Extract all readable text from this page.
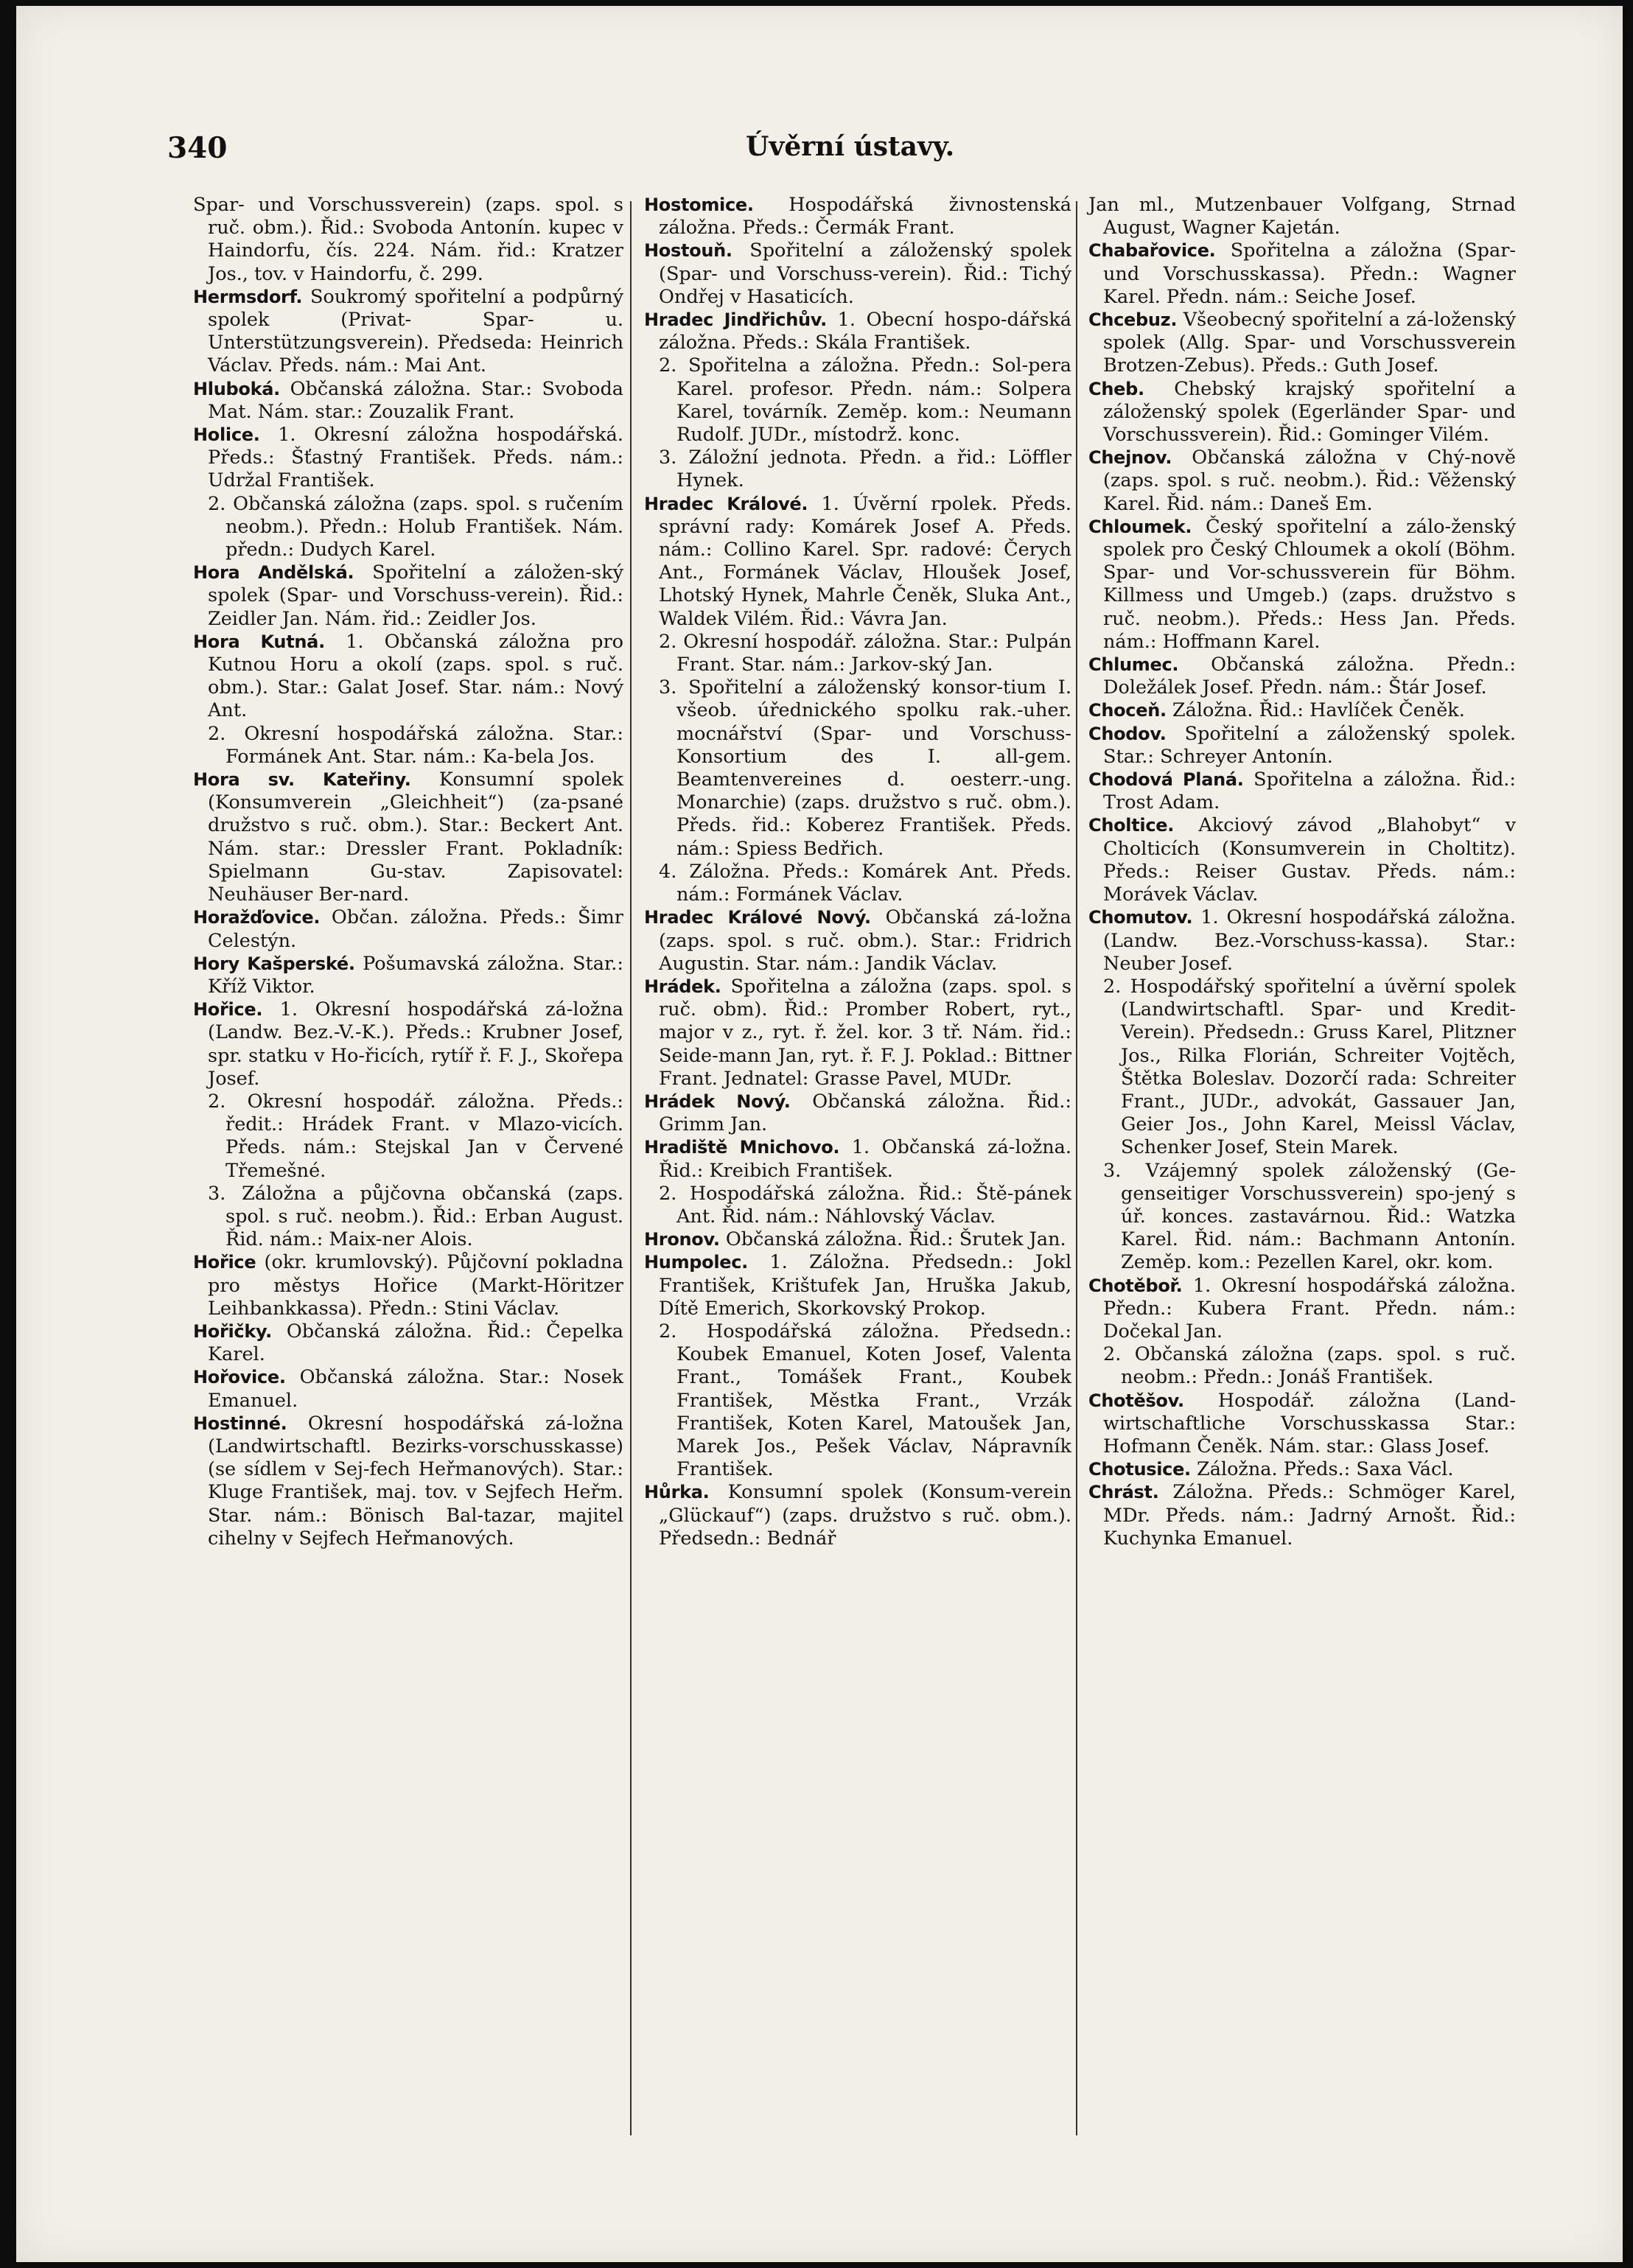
340	Úvěrní ústavy.

Spar- und Vorschussverein) (zaps. spol. s ruč. obm.). Řid.: Svoboda Antonín. kupec v Haindorfu, čís. 224. Nám. řid.: Kratzer Jos., tov. v Haindorfu, č. 299.

Hermsdorf. Soukromý spořitelní a podpůrný spolek (Privat- Spar- u. Unterstützungsverein). Předseda: Heinrich Václav. Předs. nám.: Mai Ant.

Hluboká. Občanská záložna. Star.: Svoboda Mat. Nám. star.: Zouzalik Frant.

Holice. 1. Okresní záložna hospodářská. Předs.: Šťastný František. Předs. nám.: Udržal František.

2. Občanská záložna (zaps. spol. s ručením neobm.). Předn.: Holub František. Nám. předn.: Dudych Karel.

Hora Andělská. Spořitelní a záložen-ský spolek (Spar- und Vorschuss-verein). Řid.: Zeidler Jan. Nám. řid.: Zeidler Jos.

Hora Kutná. 1. Občanská záložna pro Kutnou Horu a okolí (zaps. spol. s ruč. obm.). Star.: Galat Josef. Star. nám.: Nový Ant.

2. Okresní hospodářská záložna. Star.: Formánek Ant. Star. nám.: Ka-bela Jos.

Hora sv. Kateřiny. Konsumní spolek (Konsumverein „Gleichheit“) (za-psané družstvo s ruč. obm.). Star.: Beckert Ant. Nám. star.: Dressler Frant. Pokladník: Spielmann Gu-stav. Zapisovatel: Neuhäuser Ber-nard.

Horažďovice. Občan. záložna. Předs.: Šimr Celestýn.

Hory Kašperské. Pošumavská záložna. Star.: Kříž Viktor.

Hořice. 1. Okresní hospodářská zá-ložna (Landw. Bez.-V.-K.). Předs.: Krubner Josef, spr. statku v Ho-řicích, rytíř ř. F. J., Skořepa Josef.

2. Okresní hospodář. záložna. Předs.: ředit.: Hrádek Frant. v Mlazo-vicích. Předs. nám.: Stejskal Jan v Červené Třemešné.

3. Záložna a půjčovna občanská (zaps. spol. s ruč. neobm.). Řid.: Erban August. Řid. nám.: Maix-ner Alois.

Hořice (okr. krumlovský). Půjčovní pokladna pro městys Hořice (Markt-Höritzer Leihbankkassa). Předn.: Stini Václav.

Hořičky. Občanská záložna. Řid.: Čepelka Karel.

Hořovice. Občanská záložna. Star.: Nosek Emanuel.

Hostinné. Okresní hospodářská zá-ložna (Landwirtschaftl. Bezirks-vorschusskasse) (se sídlem v Sej-fech Heřmanových). Star.: Kluge František, maj. tov. v Sejfech Heřm. Star. nám.: Bönisch Bal-tazar, majitel cihelny v Sejfech Heřmanových.

Hostomice. Hospodářská živnostenská záložna. Předs.: Čermák Frant.

Hostouň. Spořitelní a záloženský spolek (Spar- und Vorschuss-verein). Řid.: Tichý Ondřej v Hasaticích.

Hradec Jindřichův. 1. Obecní hospo-dářská záložna. Předs.: Skála František.

2. Spořitelna a záložna. Předn.: Sol-pera Karel. profesor. Předn. nám.: Solpera Karel, továrník. Zeměp. kom.: Neumann Rudolf. JUDr., místodrž. konc.

3. Záložní jednota. Předn. a řid.: Löffler Hynek.

Hradec Králové. 1. Úvěrní rpolek. Předs. správní rady: Komárek Josef A. Předs. nám.: Collino Karel. Spr. radové: Čerych Ant., Formánek Václav, Hloušek Josef, Lhotský Hynek, Mahrle Čeněk, Sluka Ant., Waldek Vilém. Řid.: Vávra Jan.

2. Okresní hospodář. záložna. Star.: Pulpán Frant. Star. nám.: Jarkov-ský Jan.

3. Spořitelní a záloženský konsor-tium I. všeob. úřednického spolku rak.-uher. mocnářství (Spar- und Vorschuss-Konsortium des I. all-gem. Beamtenvereines d. oesterr.-ung. Monarchie) (zaps. družstvo s ruč. obm.). Předs. řid.: Koberez František. Předs. nám.: Spiess Bedřich.

4. Záložna. Předs.: Komárek Ant. Předs. nám.: Formánek Václav.

Hradec Králové Nový. Občanská zá-ložna (zaps. spol. s ruč. obm.). Star.: Fridrich Augustin. Star. nám.: Jandik Václav.

Hrádek. Spořitelna a záložna (zaps. spol. s ruč. obm). Řid.: Promber Robert, ryt., major v z., ryt. ř. žel. kor. 3 tř. Nám. řid.: Seide-mann Jan, ryt. ř. F. J. Poklad.: Bittner Frant. Jednatel: Grasse Pavel, MUDr.

Hrádek Nový. Občanská záložna. Řid.: Grimm Jan.

Hradiště Mnichovo. 1. Občanská zá-ložna. Řid.: Kreibich František.

2. Hospodářská záložna. Řid.: Ště-pánek Ant. Řid. nám.: Náhlovský Václav.

Hronov. Občanská záložna. Řid.: Šrutek Jan.

Humpolec. 1. Záložna. Předsedn.: Jokl František, Krištufek Jan, Hruška Jakub, Dítě Emerich, Skorkovský Prokop.

2. Hospodářská záložna. Předsedn.: Koubek Emanuel, Koten Josef, Valenta Frant., Tomášek Frant., Koubek František, Městka Frant., Vrzák František, Koten Karel, Matoušek Jan, Marek Jos., Pešek Václav, Nápravník František.

Hůrka. Konsumní spolek (Konsum-verein „Glückauf“) (zaps. družstvo s ruč. obm.). Předsedn.: Bednář

Jan ml., Mutzenbauer Volfgang, Strnad August, Wagner Kajetán.

Chabařovice. Spořitelna a záložna (Spar- und Vorschusskassa). Předn.: Wagner Karel. Předn. nám.: Seiche Josef.

Chcebuz. Všeobecný spořitelní a zá-loženský spolek (Allg. Spar- und Vorschussverein Brotzen-Zebus). Předs.: Guth Josef.

Cheb. Chebský krajský spořitelní a záloženský spolek (Egerländer Spar- und Vorschussverein). Řid.: Gominger Vilém.

Chejnov. Občanská záložna v Chý-nově (zaps. spol. s ruč. neobm.). Řid.: Věženský Karel. Řid. nám.: Daneš Em.

Chloumek. Český spořitelní a zálo-ženský spolek pro Český Chloumek a okolí (Böhm. Spar- und Vor-schussverein für Böhm. Killmess und Umgeb.) (zaps. družstvo s ruč. neobm.). Předs.: Hess Jan. Předs. nám.: Hoffmann Karel.

Chlumec. Občanská záložna. Předn.: Doležálek Josef. Předn. nám.: Štár Josef.

Choceň. Záložna. Řid.: Havlíček Čeněk.

Chodov. Spořitelní a záloženský spolek. Star.: Schreyer Antonín.

Chodová Planá. Spořitelna a záložna. Řid.: Trost Adam.

Choltice. Akciový závod „Blahobyt“ v Cholticích (Konsumverein in Choltitz). Předs.: Reiser Gustav. Předs. nám.: Morávek Václav.

Chomutov. 1. Okresní hospodářská záložna. (Landw. Bez.-Vorschuss-kassa). Star.: Neuber Josef.

2. Hospodářský spořitelní a úvěrní spolek (Landwirtschaftl. Spar- und Kredit-Verein). Předsedn.: Gruss Karel, Plitzner Jos., Rilka Florián, Schreiter Vojtěch, Štětka Boleslav. Dozorčí rada: Schreiter Frant., JUDr., advokát, Gassauer Jan, Geier Jos., John Karel, Meissl Václav, Schenker Josef, Stein Marek.

3. Vzájemný spolek záloženský (Ge-genseitiger Vorschussverein) spo-jený s úř. konces. zastavárnou. Řid.: Watzka Karel. Řid. nám.: Bachmann Antonín. Zeměp. kom.: Pezellen Karel, okr. kom.

Chotěboř. 1. Okresní hospodářská záložna. Předn.: Kubera Frant. Předn. nám.: Dočekal Jan.

2. Občanská záložna (zaps. spol. s ruč. neobm.: Předn.: Jonáš František.

Chotěšov. Hospodář. záložna (Land-wirtschaftliche Vorschusskassa Star.: Hofmann Čeněk. Nám. star.: Glass Josef.

Chotusice. Záložna. Předs.: Saxa Václ.

Chrást. Záložna. Předs.: Schmöger Karel, MDr. Předs. nám.: Jadrný Arnošt. Řid.: Kuchynka Emanuel.
